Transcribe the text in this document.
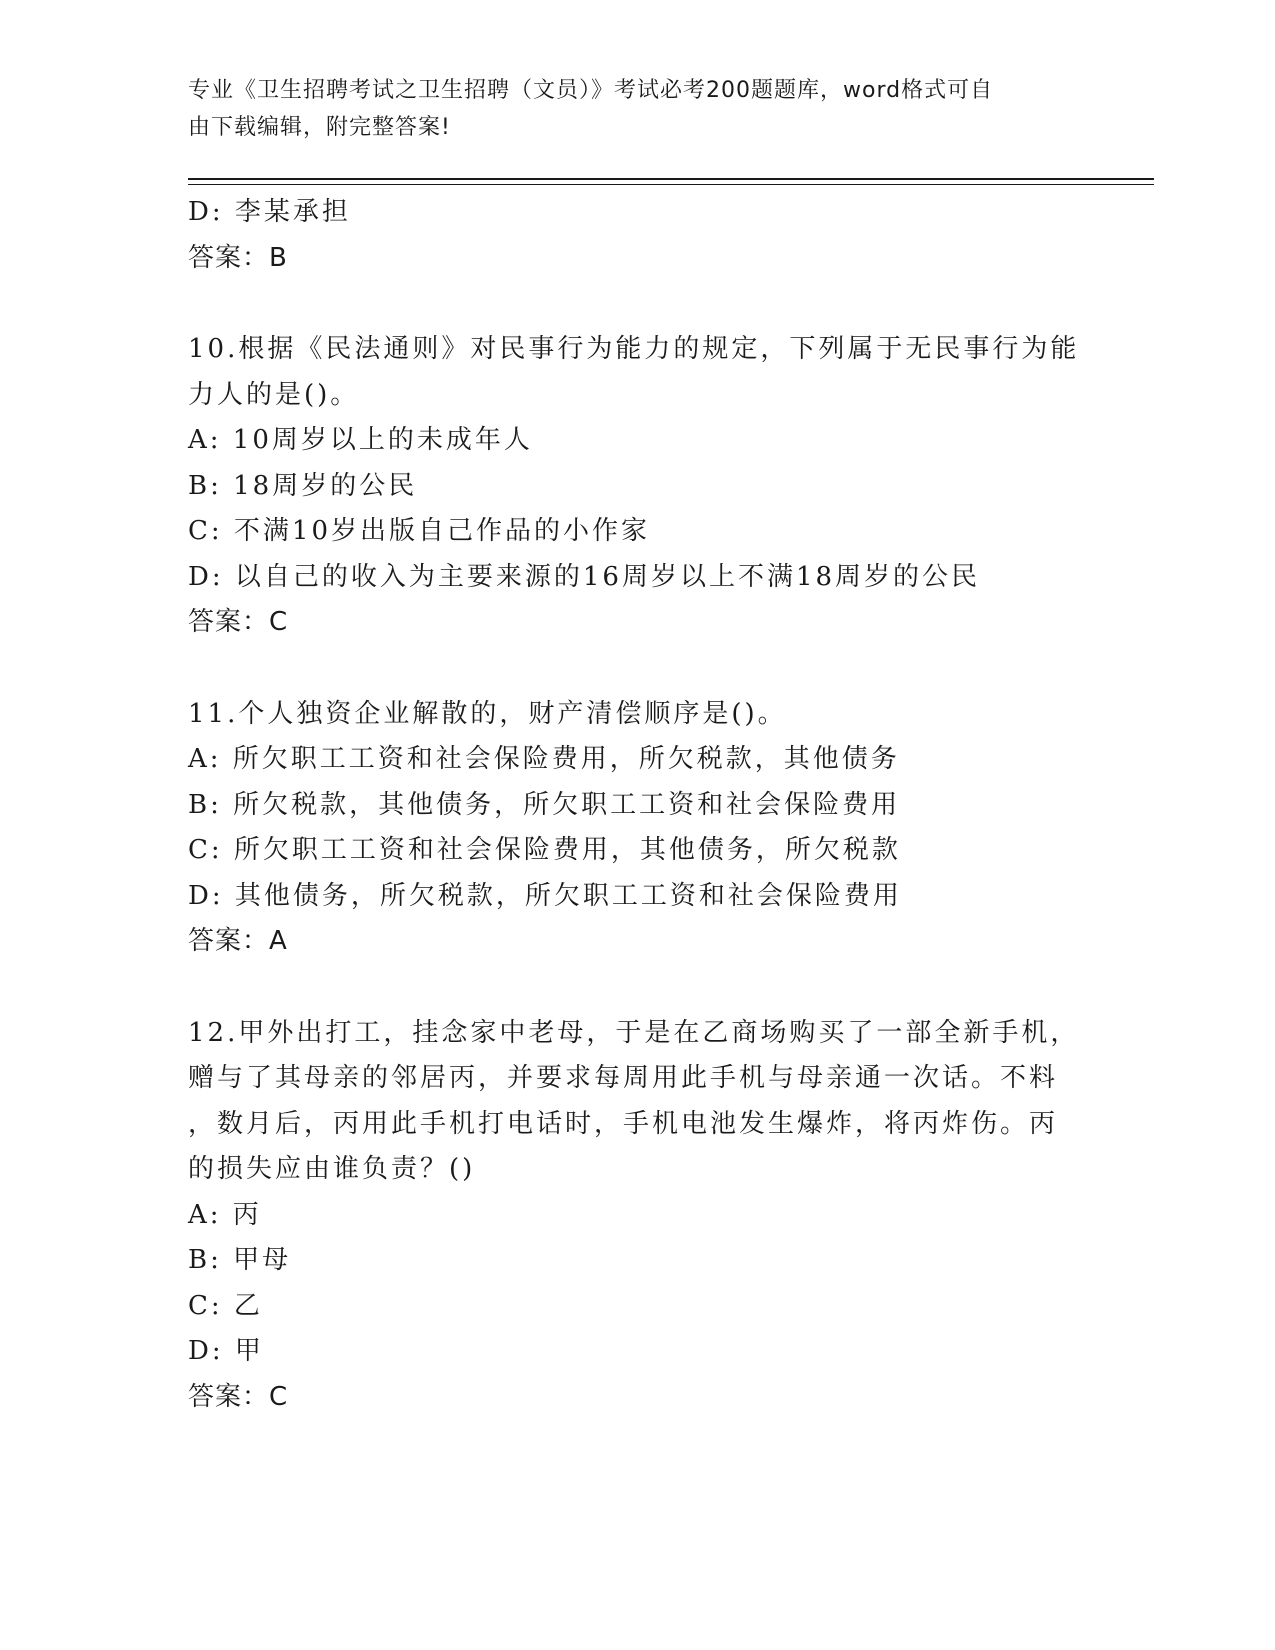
专业《卫生招聘考试之卫生招聘（文员）》考试必考200题题库，word格式可自
由下载编辑，附完整答案!
D: 李某承担
答案：B
10.根据《民法通则》对民事行为能力的规定，下列属于无民事行为能
力人的是()。
A: 10周岁以上的未成年人
B: 18周岁的公民
C: 不满10岁出版自己作品的小作家
D: 以自己的收入为主要来源的16周岁以上不满18周岁的公民
答案：C
11.个人独资企业解散的，财产清偿顺序是()。
A: 所欠职工工资和社会保险费用，所欠税款，其他债务
B: 所欠税款，其他债务，所欠职工工资和社会保险费用
C: 所欠职工工资和社会保险费用，其他债务，所欠税款
D: 其他债务，所欠税款，所欠职工工资和社会保险费用
答案：A
12.甲外出打工，挂念家中老母，于是在乙商场购买了一部全新手机，
赠与了其母亲的邻居丙，并要求每周用此手机与母亲通一次话。不料
，数月后，丙用此手机打电话时，手机电池发生爆炸，将丙炸伤。丙
的损失应由谁负责？()
A: 丙
B: 甲母
C: 乙
D: 甲
答案：C
